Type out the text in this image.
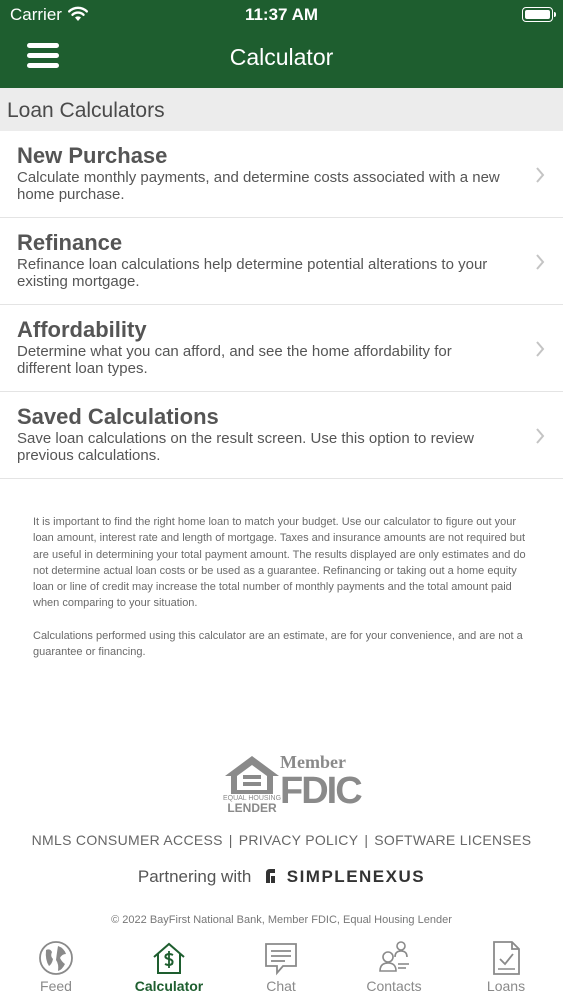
Carrier	11:37 AM
Calculator
Loan Calculators
New Purchase
Calculate monthly payments, and determine costs associated with a new home purchase.
Refinance
Refinance loan calculations help determine potential alterations to your existing mortgage.
Affordability
Determine what you can afford, and see the home affordability for different loan types.
Saved Calculations
Save loan calculations on the result screen. Use this option to review previous calculations.

It is important to find the right home loan to match your budget. Use our calculator to figure out your loan amount, interest rate and length of mortgage. Taxes and insurance amounts are not required but are useful in determining your total payment amount. The results displayed are only estimates and do not determine actual loan costs or be used as a guarantee. Refinancing or taking out a home equity loan or line of credit may increase the total number of monthly payments and the total amount paid when comparing to your situation.

Calculations performed using this calculator are an estimate, are for your convenience, and are not a guarantee or financing.

EQUAL HOUSING
LENDER
Member
FDIC
NMLS CONSUMER ACCESS | PRIVACY POLICY | SOFTWARE LICENSES
Partnering with SIMPLENEXUS
© 2022 BayFirst National Bank, Member FDIC, Equal Housing Lender
Feed	Calculator	Chat	Contacts	Loans
